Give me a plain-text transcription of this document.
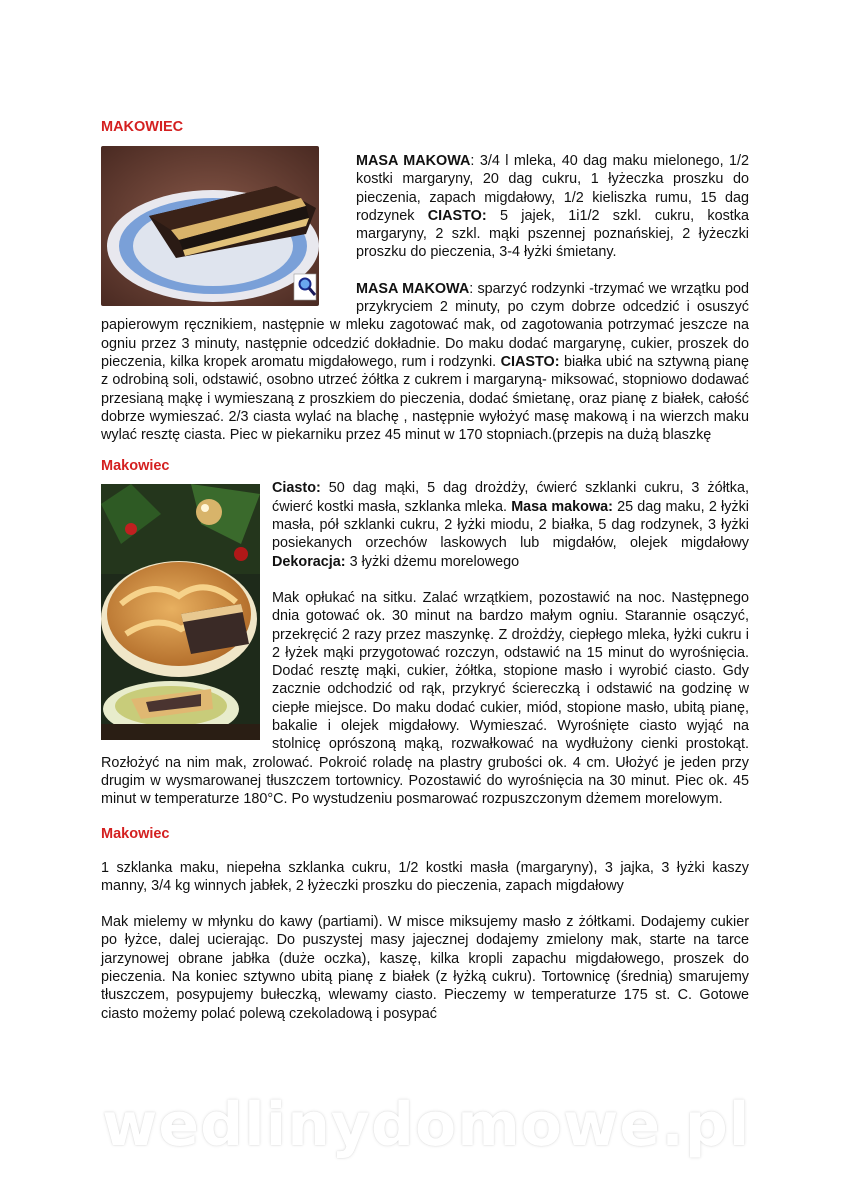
MAKOWIEC

MASA MAKOWA: 3/4 l mleka, 40 dag maku mielonego, 1/2 kostki margaryny, 20 dag cukru, 1 łyżeczka proszku do pieczenia, zapach migdałowy, 1/2 kieliszka rumu, 15 dag rodzynek CIASTO: 5 jajek, 1i1/2 szkl. cukru, kostka margaryny, 2 szkl. mąki pszennej poznańskiej, 2 łyżeczki proszku do pieczenia, 3-4 łyżki śmietany.

MASA MAKOWA: sparzyć rodzynki -trzymać we wrzątku pod przykryciem 2 minuty, po czym dobrze odcedzić i osuszyć papierowym ręcznikiem, następnie w mleku zagotować mak, od zagotowania potrzymać jeszcze na ogniu przez 3 minuty, następnie odcedzić dokładnie. Do maku dodać margarynę, cukier, proszek do pieczenia, kilka kropek aromatu migdałowego, rum i rodzynki. CIASTO: białka ubić na sztywną pianę z odrobiną soli, odstawić, osobno utrzeć żółtka z cukrem i margaryną- miksować, stopniowo dodawać przesianą mąkę i wymieszaną z proszkiem do pieczenia, dodać śmietanę, oraz pianę z białek, całość dobrze wymieszać. 2/3 ciasta wylać na blachę , następnie wyłożyć masę makową i na wierzch maku wylać resztę ciasta. Piec w piekarniku przez 45 minut w 170 stopniach.(przepis na dużą blaszkę

Makowiec

Ciasto: 50 dag mąki, 5 dag drożdży, ćwierć szklanki cukru, 3 żółtka, ćwierć kostki masła, szklanka mleka. Masa makowa: 25 dag maku, 2 łyżki masła, pół szklanki cukru, 2 łyżki miodu, 2 białka, 5 dag rodzynek, 3 łyżki posiekanych orzechów laskowych lub migdałów, olejek migdałowy Dekoracja: 3 łyżki dżemu morelowego

Mak opłukać na sitku. Zalać wrzątkiem, pozostawić na noc. Następnego dnia gotować ok. 30 minut na bardzo małym ogniu. Starannie osączyć, przekręcić 2 razy przez maszynkę. Z drożdży, ciepłego mleka, łyżki cukru i 2 łyżek mąki przygotować rozczyn, odstawić na 15 minut do wyrośnięcia. Dodać resztę mąki, cukier, żółtka, stopione masło i wyrobić ciasto. Gdy zacznie odchodzić od rąk, przykryć ściereczką i odstawić na godzinę w ciepłe miejsce. Do maku dodać cukier, miód, stopione masło, ubitą pianę, bakalie i olejek migdałowy. Wymieszać. Wyrośnięte ciasto wyjąć na stolnicę oprószoną mąką, rozwałkować na wydłużony cienki prostokąt. Rozłożyć na nim mak, zrolować. Pokroić roladę na plastry grubości ok. 4 cm. Ułożyć je jeden przy drugim w wysmarowanej tłuszczem tortownicy. Pozostawić do wyrośnięcia na 30 minut. Piec ok. 45 minut w temperaturze 180°C. Po wystudzeniu posmarować rozpuszczonym dżemem morelowym.

Makowiec

1 szklanka maku, niepełna szklanka cukru, 1/2 kostki masła (margaryny), 3 jajka, 3 łyżki kaszy manny, 3/4 kg winnych jabłek, 2 łyżeczki proszku do pieczenia, zapach migdałowy

Mak mielemy w młynku do kawy (partiami). W misce miksujemy masło z żółtkami. Dodajemy cukier po łyżce, dalej ucierając. Do puszystej masy jajecznej dodajemy zmielony mak, starte na tarce jarzynowej obrane jabłka (duże oczka), kaszę, kilka kropli zapachu migdałowego, proszek do pieczenia. Na koniec sztywno ubitą pianę z białek (z łyżką cukru). Tortownicę (średnią) smarujemy tłuszczem, posypujemy bułeczką, wlewamy ciasto. Pieczemy w temperaturze 175 st. C. Gotowe ciasto możemy polać polewą czekoladową i posypać

wedlinydomowe.pl
